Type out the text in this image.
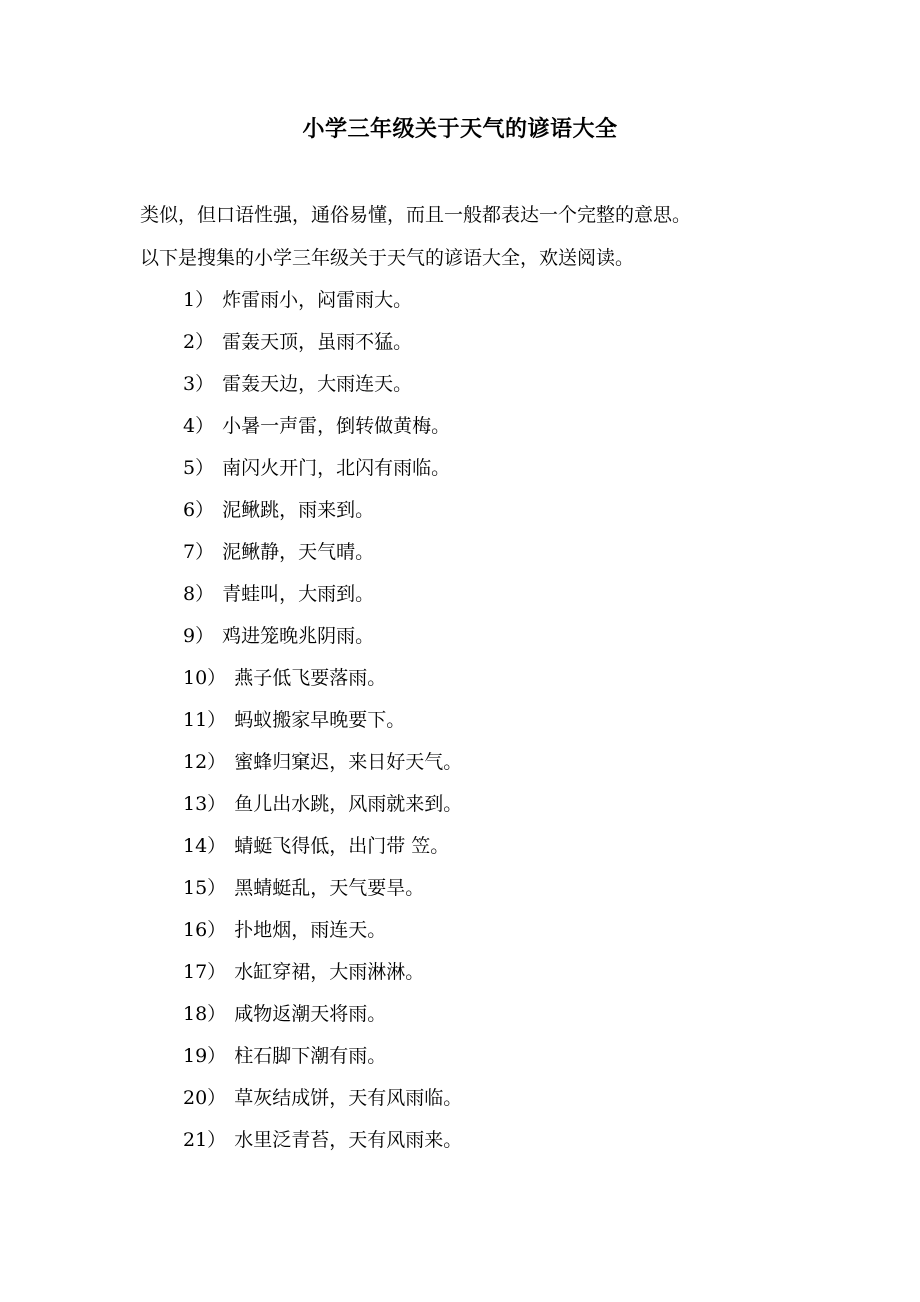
小学三年级关于天气的谚语大全
类似，但口语性强，通俗易懂，而且一般都表达一个完整的意思。
以下是搜集的小学三年级关于天气的谚语大全，欢送阅读。
1） 炸雷雨小，闷雷雨大。
2） 雷轰天顶，虽雨不猛。
3） 雷轰天边，大雨连天。
4） 小暑一声雷，倒转做黄梅。
5） 南闪火开门，北闪有雨临。
6） 泥鳅跳，雨来到。
7） 泥鳅静，天气晴。
8） 青蛙叫，大雨到。
9） 鸡进笼晚兆阴雨。
10） 燕子低飞要落雨。
11） 蚂蚁搬家早晚要下。
12） 蜜蜂归窠迟，来日好天气。
13） 鱼儿出水跳，风雨就来到。
14） 蜻蜓飞得低，出门带 笠。
15） 黑蜻蜓乱，天气要旱。
16） 扑地烟，雨连天。
17） 水缸穿裙，大雨淋淋。
18） 咸物返潮天将雨。
19） 柱石脚下潮有雨。
20） 草灰结成饼，天有风雨临。
21） 水里泛青苔，天有风雨来。
